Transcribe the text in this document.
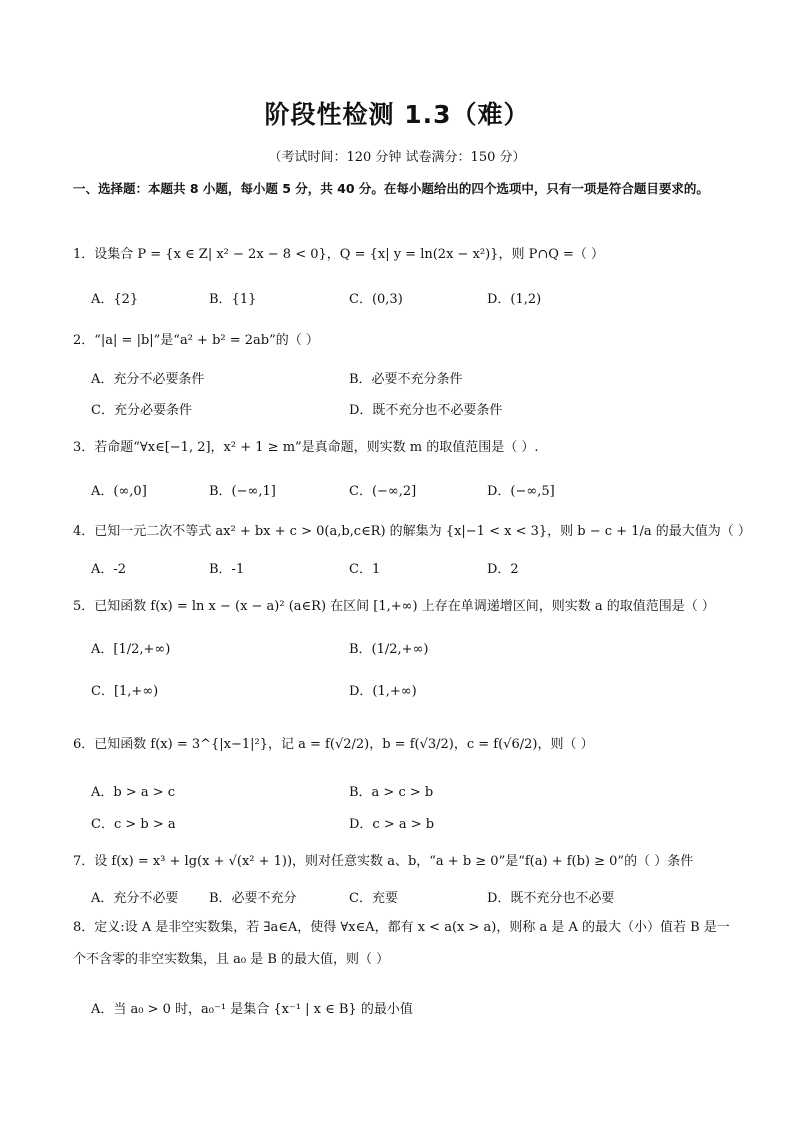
阶段性检测 1.3（难）
（考试时间：120 分钟 试卷满分：150 分）
一、选择题：本题共 8 小题，每小题 5 分，共 40 分。在每小题给出的四个选项中，只有一项是符合题目要求的。
1．设集合 P = {x ∈ Z| x² − 2x − 8 < 0}，Q = {x| y = ln(2x − x²)}，则 P∩Q =（ ）
A．{2}	B．{1}	C．(0,3)	D．(1,2)
2．“|a| = |b|”是“a² + b² = 2ab”的（ ）
A．充分不必要条件	B．必要不充分条件
C．充分必要条件	D．既不充分也不必要条件
3．若命题“∀x∈[−1, 2]，x² + 1 ≥ m”是真命题，则实数 m 的取值范围是（ ）.
A．(∞,0]	B．(−∞,1]	C．(−∞,2]	D．(−∞,5]
4．已知一元二次不等式 ax² + bx + c > 0(a,b,c∈R) 的解集为 {x|−1 < x < 3}，则 b − c + 1/a 的最大值为（ ）
A．-2	B．-1	C．1	D．2
5．已知函数 f(x) = ln x − (x − a)² (a∈R) 在区间 [1,+∞) 上存在单调递增区间，则实数 a 的取值范围是（ ）
A．[1/2,+∞)	B．(1/2,+∞)
C．[1,+∞)	D．(1,+∞)
6．已知函数 f(x) = 3^{|x−1|²}，记 a = f(√2/2)，b = f(√3/2)，c = f(√6/2)，则（ ）
A．b > a > c	B．a > c > b
C．c > b > a	D．c > a > b
7．设 f(x) = x³ + lg(x + √(x² + 1))，则对任意实数 a、b，“a + b ≥ 0”是“f(a) + f(b) ≥ 0”的（ ）条件
A．充分不必要 B．必要不充分	C．充要	D．既不充分也不必要
8．定义:设 A 是非空实数集，若 ∃a∈A，使得 ∀x∈A，都有 x < a(x > a)，则称 a 是 A 的最大（小）值若 B 是一个不含零的非空实数集，且 a₀ 是 B 的最大值，则（ ）
A．当 a₀ > 0 时，a₀⁻¹ 是集合 {x⁻¹ | x ∈ B} 的最小值
